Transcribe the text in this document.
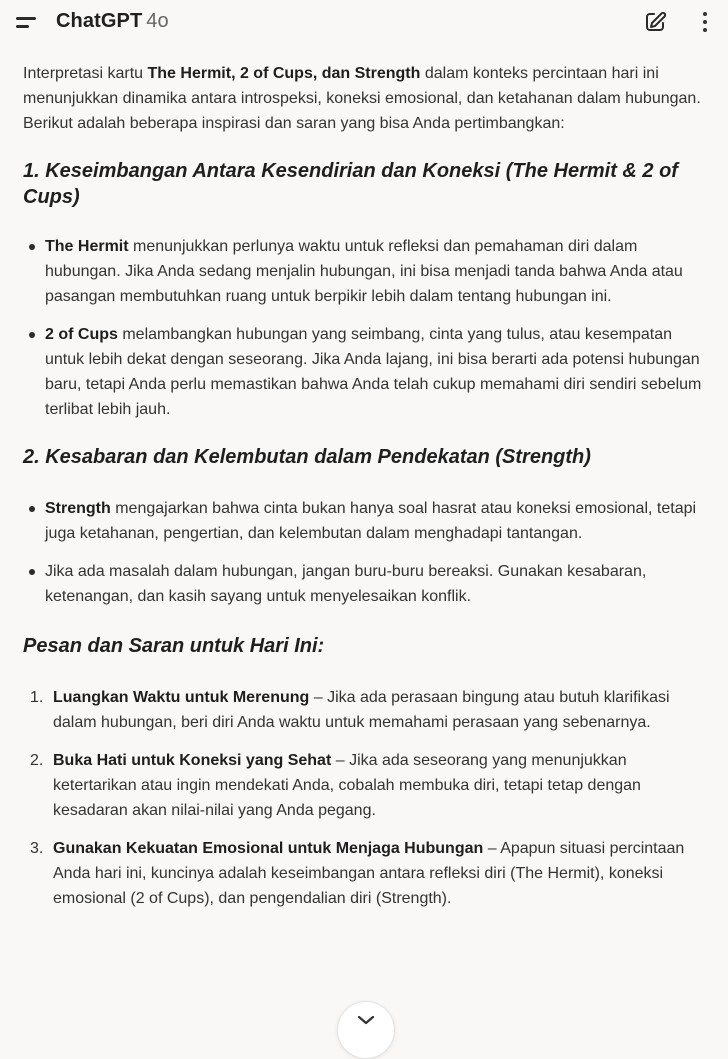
ChatGPT 4o

Interpretasi kartu The Hermit, 2 of Cups, dan Strength dalam konteks percintaan hari ini menunjukkan dinamika antara introspeksi, koneksi emosional, dan ketahanan dalam hubungan. Berikut adalah beberapa inspirasi dan saran yang bisa Anda pertimbangkan:

1. Keseimbangan Antara Kesendirian dan Koneksi (The Hermit & 2 of Cups)
The Hermit menunjukkan perlunya waktu untuk refleksi dan pemahaman diri dalam hubungan. Jika Anda sedang menjalin hubungan, ini bisa menjadi tanda bahwa Anda atau pasangan membutuhkan ruang untuk berpikir lebih dalam tentang hubungan ini.
2 of Cups melambangkan hubungan yang seimbang, cinta yang tulus, atau kesempatan untuk lebih dekat dengan seseorang. Jika Anda lajang, ini bisa berarti ada potensi hubungan baru, tetapi Anda perlu memastikan bahwa Anda telah cukup memahami diri sendiri sebelum terlibat lebih jauh.
2. Kesabaran dan Kelembutan dalam Pendekatan (Strength)
Strength mengajarkan bahwa cinta bukan hanya soal hasrat atau koneksi emosional, tetapi juga ketahanan, pengertian, dan kelembutan dalam menghadapi tantangan.
Jika ada masalah dalam hubungan, jangan buru-buru bereaksi. Gunakan kesabaran, ketenangan, dan kasih sayang untuk menyelesaikan konflik.
Pesan dan Saran untuk Hari Ini:
1. Luangkan Waktu untuk Merenung – Jika ada perasaan bingung atau butuh klarifikasi dalam hubungan, beri diri Anda waktu untuk memahami perasaan yang sebenarnya.
2. Buka Hati untuk Koneksi yang Sehat – Jika ada seseorang yang menunjukkan ketertarikan atau ingin mendekati Anda, cobalah membuka diri, tetapi tetap dengan kesadaran akan nilai-nilai yang Anda pegang.
3. Gunakan Kekuatan Emosional untuk Menjaga Hubungan – Apapun situasi percintaan Anda hari ini, kuncinya adalah keseimbangan antara refleksi diri (The Hermit), koneksi emosional (2 of Cups), dan pengendalian diri (Strength).
